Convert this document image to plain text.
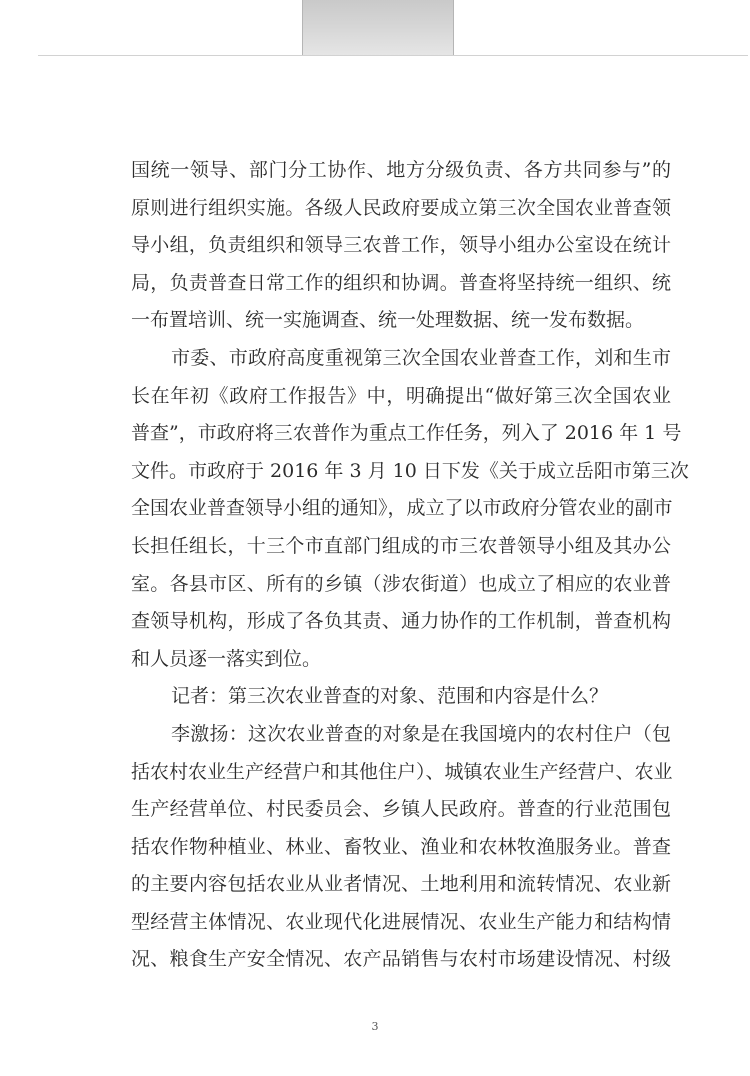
国统一领导、部门分工协作、地方分级负责、各方共同参与”的
原则进行组织实施。各级人民政府要成立第三次全国农业普查领
导小组，负责组织和领导三农普工作，领导小组办公室设在统计
局，负责普查日常工作的组织和协调。普查将坚持统一组织、统
一布置培训、统一实施调查、统一处理数据、统一发布数据。
市委、市政府高度重视第三次全国农业普查工作，刘和生市
长在年初《政府工作报告》中，明确提出“做好第三次全国农业
普查”，市政府将三农普作为重点工作任务，列入了 2016 年 1 号
文件。市政府于 2016 年 3 月 10 日下发《关于成立岳阳市第三次
全国农业普查领导小组的通知》，成立了以市政府分管农业的副市
长担任组长，十三个市直部门组成的市三农普领导小组及其办公
室。各县市区、所有的乡镇（涉农街道）也成立了相应的农业普
查领导机构，形成了各负其责、通力协作的工作机制，普查机构
和人员逐一落实到位。
记者：第三次农业普查的对象、范围和内容是什么？
李激扬：这次农业普查的对象是在我国境内的农村住户（包
括农村农业生产经营户和其他住户）、城镇农业生产经营户、农业
生产经营单位、村民委员会、乡镇人民政府。普查的行业范围包
括农作物种植业、林业、畜牧业、渔业和农林牧渔服务业。普查
的主要内容包括农业从业者情况、土地利用和流转情况、农业新
型经营主体情况、农业现代化进展情况、农业生产能力和结构情
况、粮食生产安全情况、农产品销售与农村市场建设情况、村级
3
